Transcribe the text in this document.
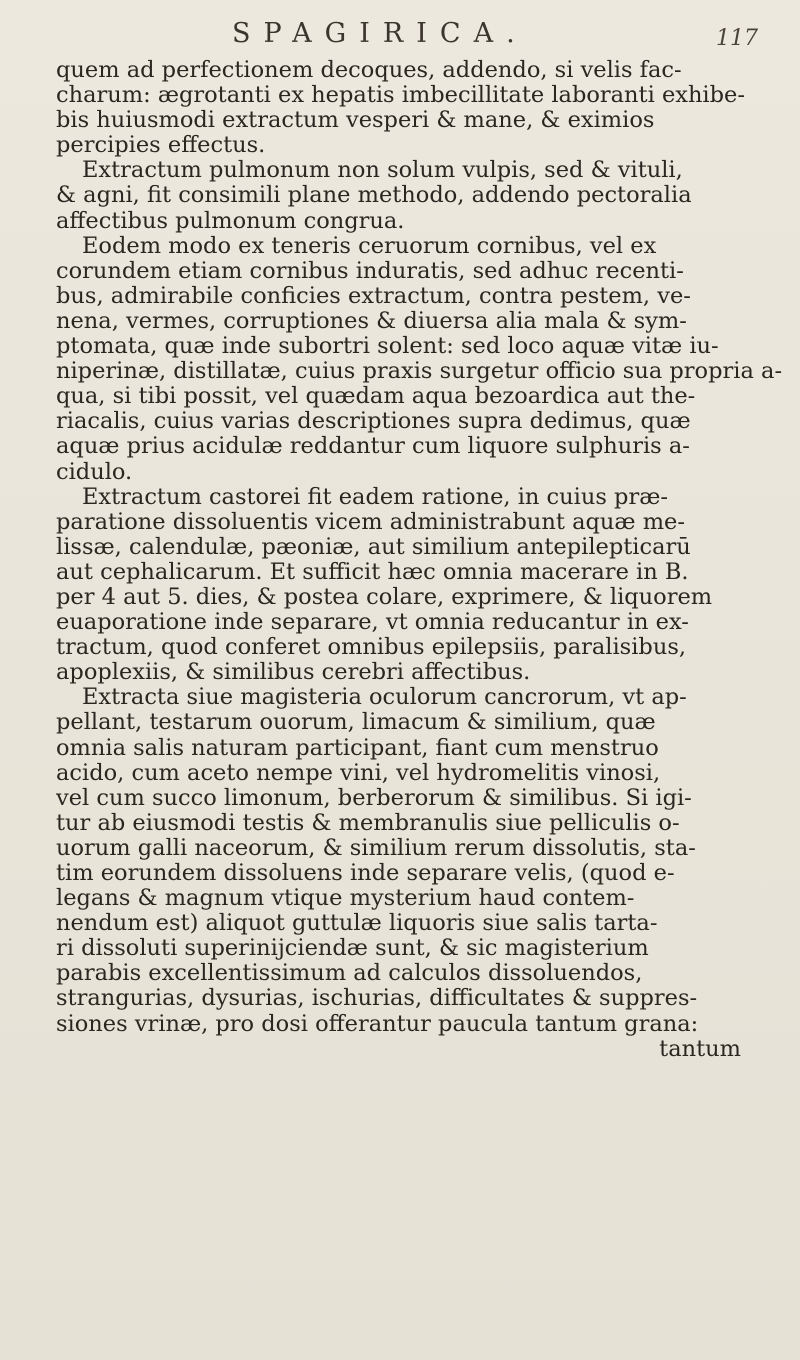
SPAGIRICA.	117
quem ad perfectionem decoques, addendo, si velis fac-
charum: ægrotanti ex hepatis imbecillitate laboranti exhibe-
bis huiusmodi extractum vesperi & mane, & eximios
percipies effectus.
Extractum pulmonum non solum vulpis, sed & vituli,
& agni, fit consimili plane methodo, addendo pectoralia
affectibus pulmonum congrua.
Eodem modo ex teneris ceruorum cornibus, vel ex
corundem etiam cornibus induratis, sed adhuc recenti-
bus, admirabile conficies extractum, contra pestem, ve-
nena, vermes, corruptiones & diuersa alia mala & sym-
ptomata, quæ inde subortri solent: sed loco aquæ vitæ iu-
niperinæ, distillatæ, cuius praxis surgetur officio sua propria a-
qua, si tibi possit, vel quædam aqua bezoardica aut the-
riacalis, cuius varias descriptiones supra dedimus, quæ
aquæ prius acidulæ reddantur cum liquore sulphuris a-
cidulo.
Extractum castorei fit eadem ratione, in cuius præ-
paratione dissoluentis vicem administrabunt aquæ me-
lissæ, calendulæ, pæoniæ, aut similium antepilepticarū
aut cephalicarum. Et sufficit hæc omnia macerare in B.
per 4 aut 5. dies, & postea colare, exprimere, & liquorem
euaporatione inde separare, vt omnia reducantur in ex-
tractum, quod conferet omnibus epilepsiis, paralisibus,
apoplexiis, & similibus cerebri affectibus.
Extracta siue magisteria oculorum cancrorum, vt ap-
pellant, testarum ouorum, limacum & similium, quæ
omnia salis naturam participant, fiant cum menstruo
acido, cum aceto nempe vini, vel hydromelitis vinosi,
vel cum succo limonum, berberorum & similibus. Si igi-
tur ab eiusmodi testis & membranulis siue pelliculis o-
uorum galli naceorum, & similium rerum dissolutis, sta-
tim eorundem dissoluens inde separare velis, (quod e-
legans & magnum vtique mysterium haud contem-
nendum est) aliquot guttulæ liquoris siue salis tarta-
ri dissoluti superinijciendæ sunt, & sic magisterium
parabis excellentissimum ad calculos dissoluendos,
strangurias, dysurias, ischurias, difficultates & suppres-
siones vrinæ, pro dosi offerantur paucula tantum grana:
tantum
